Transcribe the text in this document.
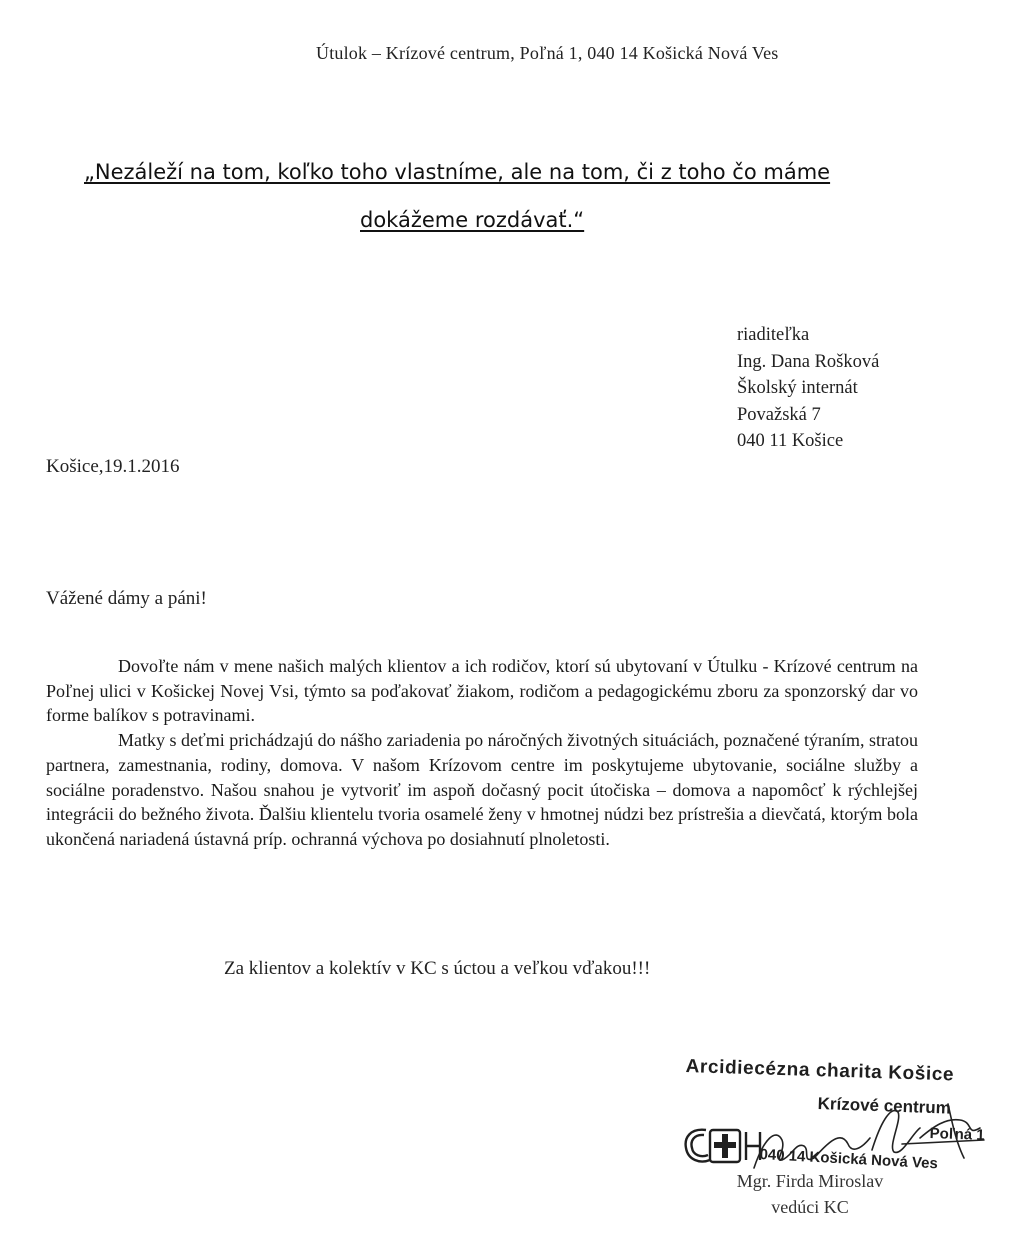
Útulok – Krízové centrum, Poľná 1, 040 14 Košická Nová Ves
„Nezáleží na tom, koľko toho vlastníme, ale na tom, či z toho čo máme
dokážeme rozdávať.“
riaditeľka
Ing. Dana Rošková
Školský internát
Považská 7
040 11 Košice
Košice,19.1.2016
Vážené dámy a páni!

Dovoľte nám v mene našich malých klientov a ich rodičov, ktorí sú ubytovaní v Útulku - Krízové centrum na Poľnej ulici v Košickej Novej Vsi, týmto sa poďakovať žiakom, rodičom a pedagogickému zboru za sponzorský dar vo forme balíkov s potravinami.

Matky s deťmi prichádzajú do nášho zariadenia po náročných životných situáciách, poznačené týraním, stratou partnera, zamestnania, rodiny, domova. V našom Krízovom centre im poskytujeme ubytovanie, sociálne služby a sociálne poradenstvo. Našou snahou je vytvoriť im aspoň dočasný pocit útočiska – domova a napomôcť k rýchlejšej integrácii do bežného života. Ďalšiu klientelu tvoria osamelé ženy v hmotnej núdzi bez prístrešia a dievčatá, ktorým bola ukončená nariadená ústavná príp. ochranná výchova po dosiahnutí plnoletosti.

Za klientov a kolektív v KC s úctou a veľkou vďakou!!!
Arcidiecézna charita Košice
Krízové centrum
Poľná 1
040 14 Košická Nová Ves
Mgr. Firda Miroslav
vedúci KC
